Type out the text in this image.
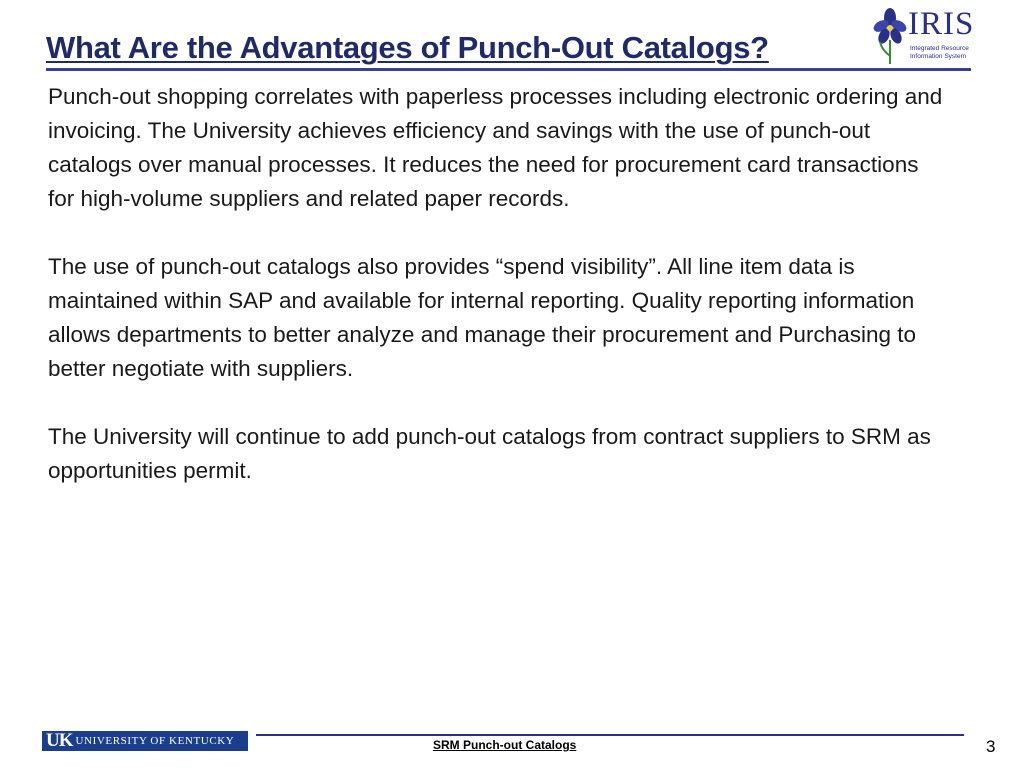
What Are the Advantages of Punch-Out Catalogs?
IRIS
Integrated Resource
Information System

Punch-out shopping correlates with paperless processes including electronic ordering and invoicing. The University achieves efficiency and savings with the use of punch-out catalogs over manual processes. It reduces the need for procurement card transactions for high-volume suppliers and related paper records.

The use of punch-out catalogs also provides “spend visibility”. All line item data is maintained within SAP and available for internal reporting. Quality reporting information allows departments to better analyze and manage their procurement and Purchasing to better negotiate with suppliers.

The University will continue to add punch-out catalogs from contract suppliers to SRM as opportunities permit.

UK UNIVERSITY OF KENTUCKY	SRM Punch-out Catalogs	3
